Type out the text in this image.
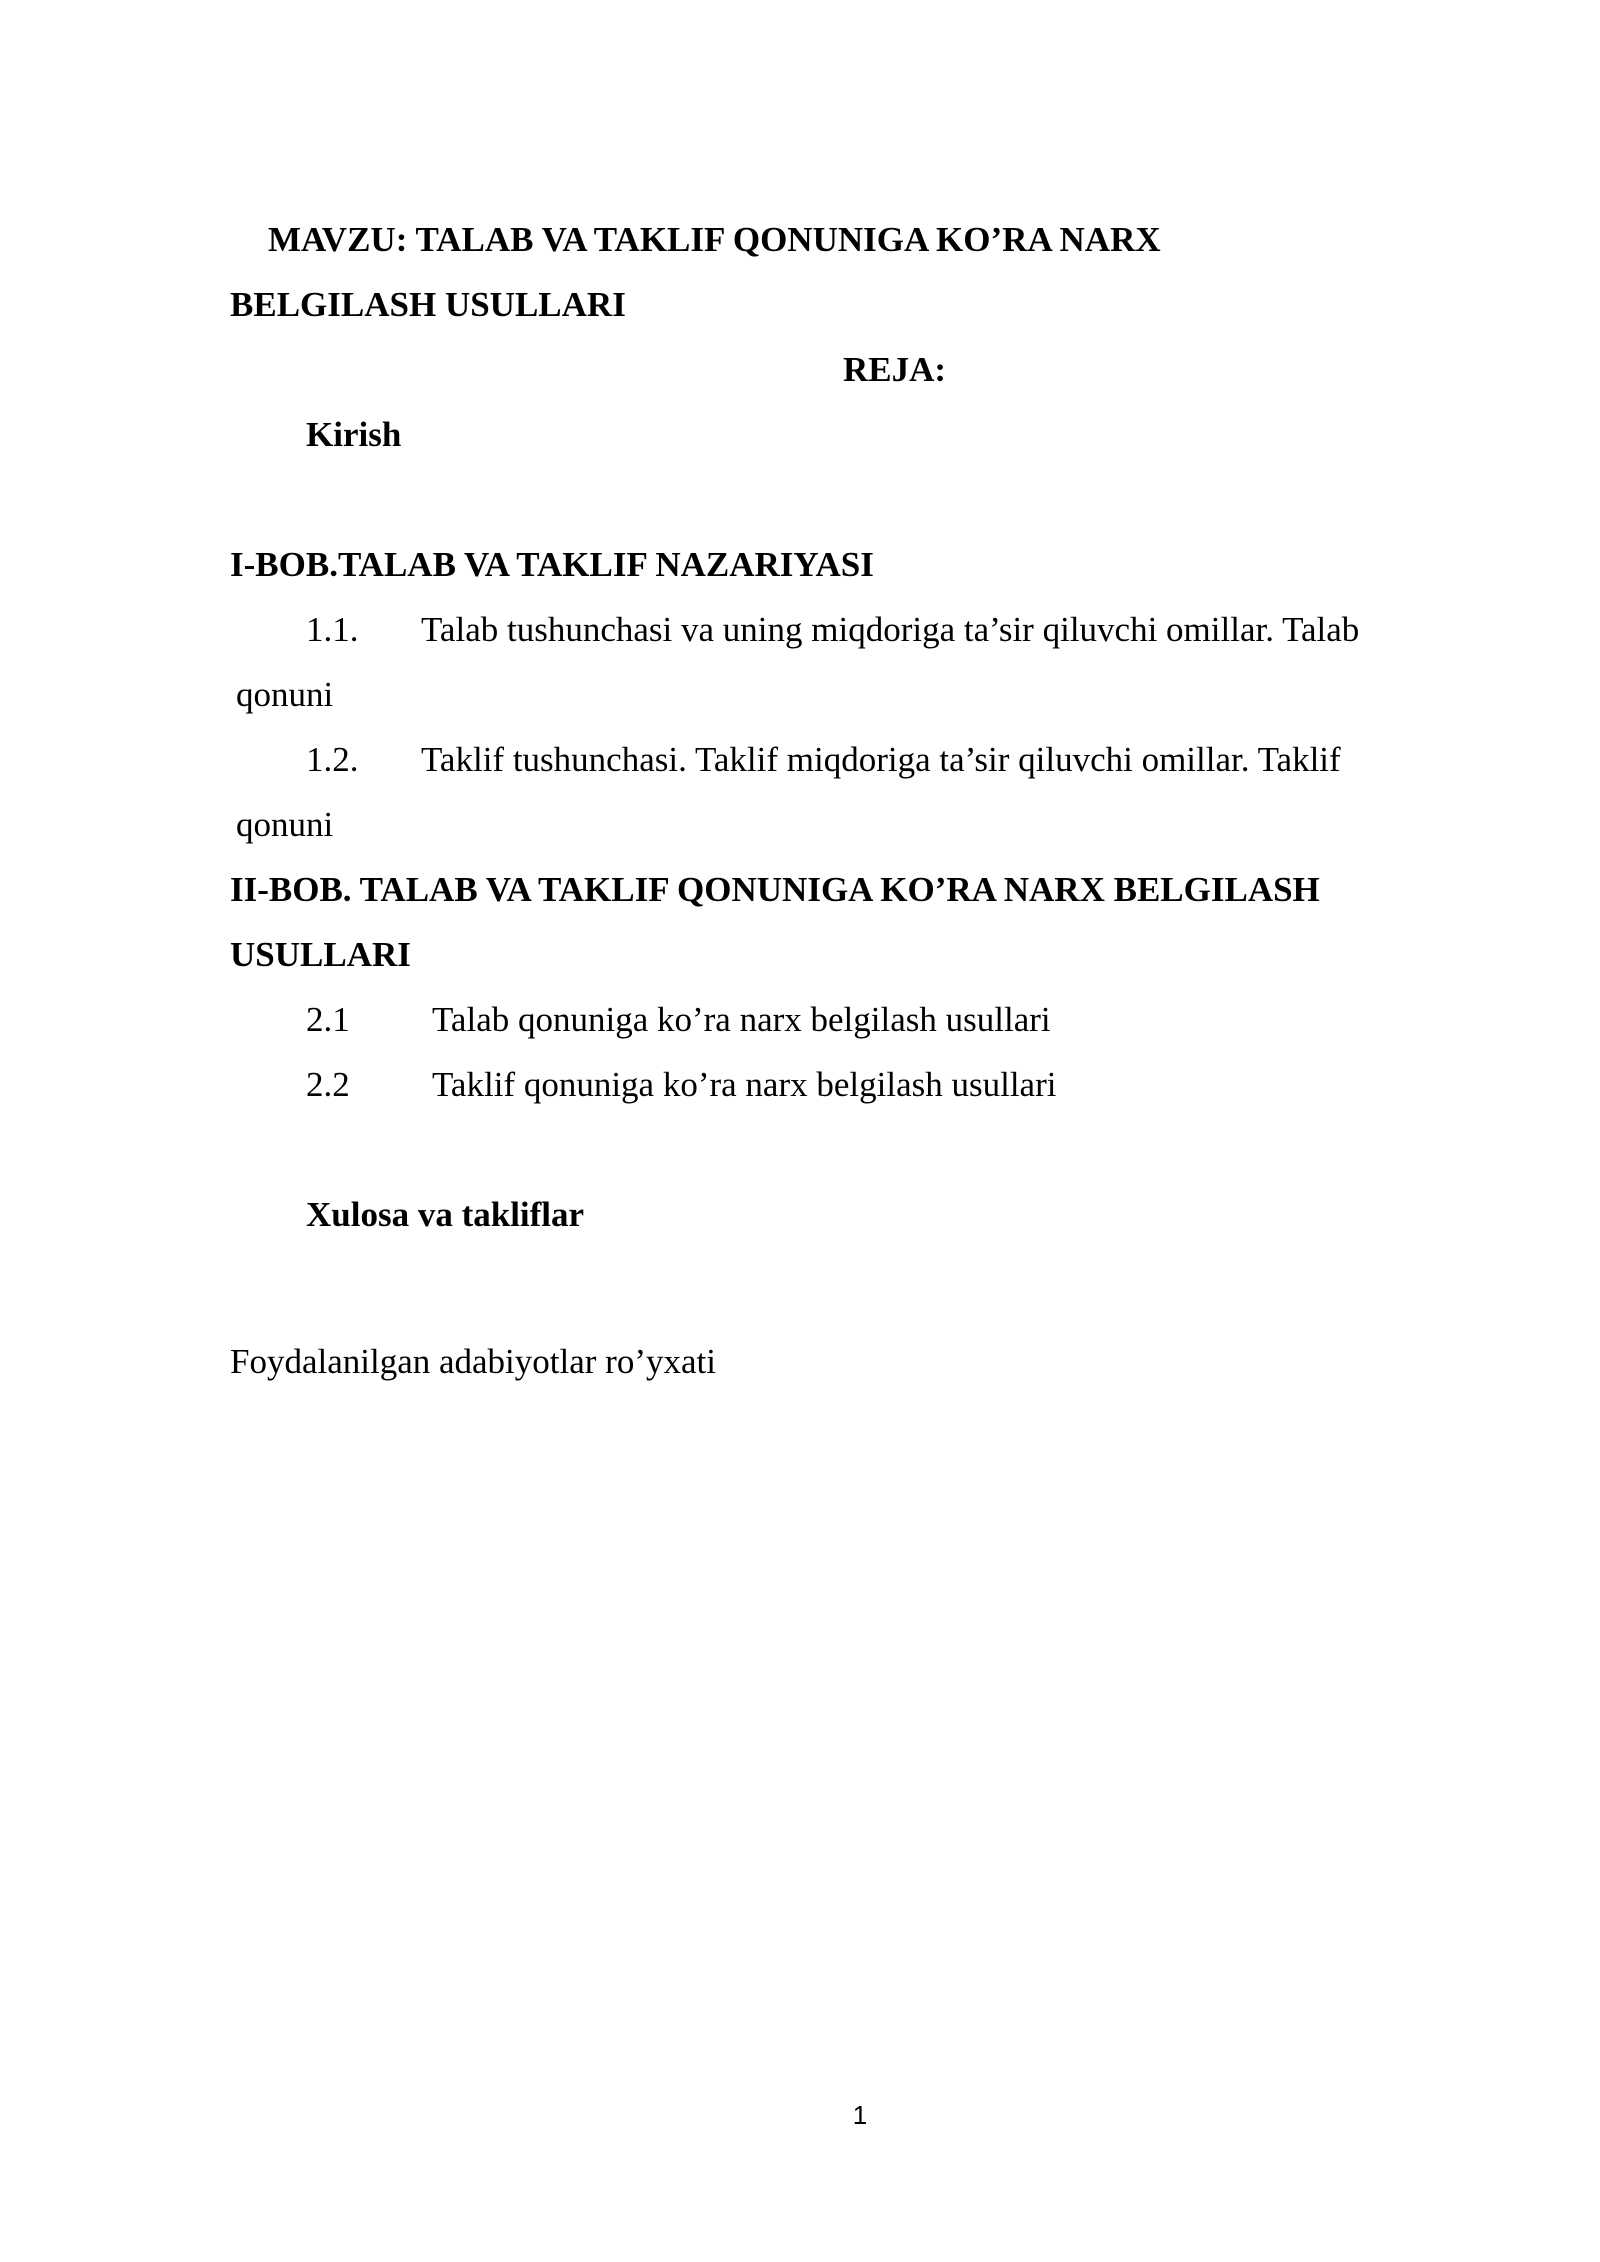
MAVZU: TALAB VA TAKLIF QONUNIGA KO’RA NARX
BELGILASH USULLARI
REJA:
Kirish
I-BOB.TALAB VA TAKLIF NAZARIYASI
1.1. Talab tushunchasi va uning miqdoriga ta’sir qiluvchi omillar. Talab
qonuni
1.2. Taklif tushunchasi. Taklif miqdoriga ta’sir qiluvchi omillar. Taklif
qonuni
II-BOB. TALAB VA TAKLIF QONUNIGA KO’RA NARX BELGILASH
USULLARI
2.1 Talab qonuniga ko’ra narx belgilash usullari
2.2 Taklif qonuniga ko’ra narx belgilash usullari
Xulosa va takliflar
Foydalanilgan adabiyotlar ro’yxati
1
